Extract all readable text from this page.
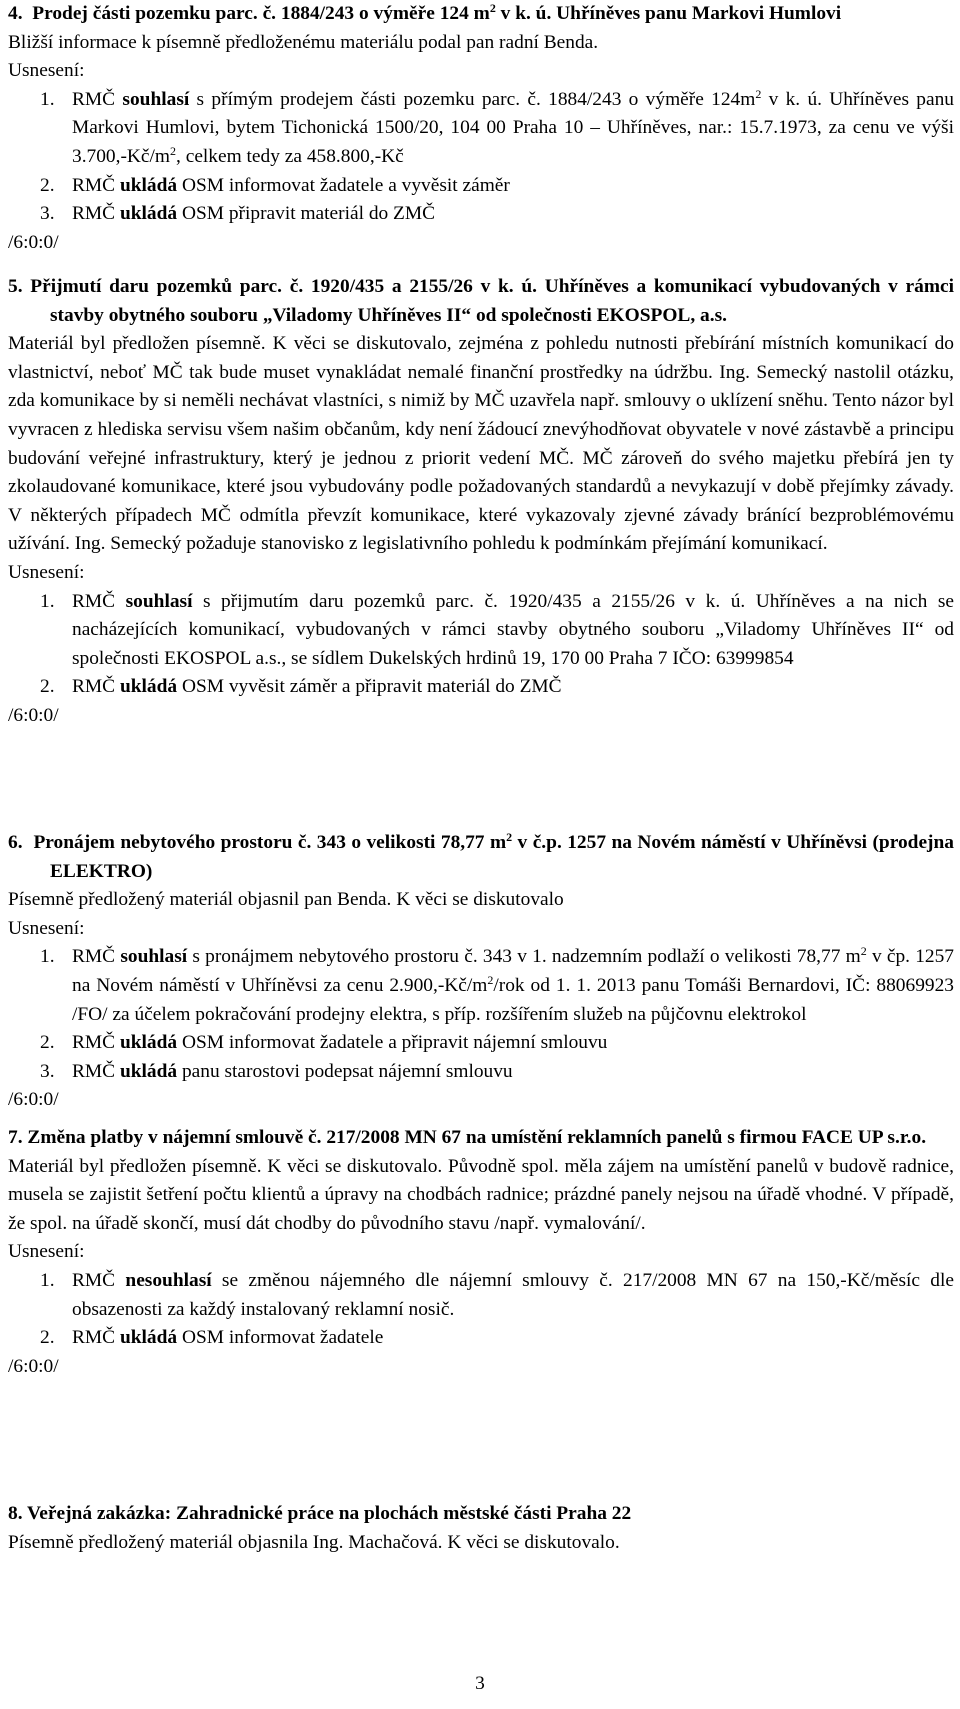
4.  Prodej části pozemku parc. č. 1884/243 o výměře 124 $m^2$ v k. ú. Uhříněves panu Markovi Humlovi

Bližší informace k písemně předloženému materiálu podal pan radní Benda.

Usnesení:

1. RMČ souhlasí s přímým prodejem části pozemku parc. č. 1884/243 o výměře $124m^2$ v k. ú. Uhříněves panu Markovi Humlovi, bytem Tichonická 1500/20, 104 00 Praha 10 – Uhříněves, nar.: 15.7.1973, za cenu ve výši $3.700,-Kč/m^2$, celkem tedy za 458.800,-Kč
2. RMČ ukládá OSM informovat žadatele a vyvěsit záměr
3. RMČ ukládá OSM připravit materiál do ZMČ

/6:0:0/

5. Přijmutí daru pozemků parc. č. 1920/435 a 2155/26 v k. ú. Uhříněves a komunikací vybudovaných v rámci stavby obytného souboru „Viladomy Uhříněves II“ od společnosti EKOSPOL, a.s.

Materiál byl předložen písemně. K věci se diskutovalo, zejména z pohledu nutnosti přebírání místních komunikací do vlastnictví, neboť MČ tak bude muset vynakládat nemalé finanční prostředky na údržbu. Ing. Semecký nastolil otázku, zda komunikace by si neměli nechávat vlastníci, s nimiž by MČ uzavřela např. smlouvy o uklízení sněhu. Tento názor byl vyvracen z hlediska servisu všem našim občanům, kdy není žádoucí znevýhodňovat obyvatele v nové zástavbě a principu budování veřejné infrastruktury, který je jednou z priorit vedení MČ. MČ zároveň do svého majetku přebírá jen ty zkolaudované komunikace, které jsou vybudovány podle požadovaných standardů a nevykazují v době přejímky závady. V některých případech MČ odmítla převzít komunikace, které vykazovaly zjevné závady bránící bezproblémovému užívání. Ing. Semecký požaduje stanovisko z legislativního pohledu k podmínkám přejímání komunikací.

Usnesení:

1. RMČ souhlasí s přijmutím daru pozemků parc. č. 1920/435 a 2155/26 v k. ú. Uhříněves a na nich se nacházejících komunikací, vybudovaných v rámci stavby obytného souboru „Viladomy Uhříněves II“ od společnosti EKOSPOL a.s., se sídlem Dukelských hrdinů 19, 170 00 Praha 7 IČO: 63999854
2. RMČ ukládá OSM vyvěsit záměr a připravit materiál do ZMČ

/6:0:0/

6.  Pronájem nebytového prostoru č. 343 o velikosti 78,77 $m^2$ v č.p. 1257 na Novém náměstí v Uhříněvsi (prodejna ELEKTRO)

Písemně předložený materiál objasnil pan Benda. K věci se diskutovalo

Usnesení:

1. RMČ souhlasí s pronájmem nebytového prostoru č. 343 v 1. nadzemním podlaží o velikosti 78,77 $m^2$ v čp. 1257 na Novém náměstí v Uhříněvsi za cenu $2.900,-Kč/m^2$/rok od 1. 1. 2013 panu Tomáši Bernardovi, IČ: 88069923 /FO/ za účelem pokračování prodejny elektra, s příp. rozšířením služeb na půjčovnu elektrokol
2. RMČ ukládá OSM informovat žadatele a připravit nájemní smlouvu
3. RMČ ukládá panu starostovi podepsat nájemní smlouvu

/6:0:0/

7. Změna platby v nájemní smlouvě č. 217/2008 MN 67 na umístění reklamních panelů s firmou FACE UP s.r.o.

Materiál byl předložen písemně. K věci se diskutovalo. Původně spol. měla zájem na umístění panelů v budově radnice, musela se zajistit šetření počtu klientů a úpravy na chodbách radnice; prázdné panely nejsou na úřadě vhodné. V případě, že spol. na úřadě skončí, musí dát chodby do původního stavu /např. vymalování/.

Usnesení:

1. RMČ nesouhlasí se změnou nájemného dle nájemní smlouvy č. 217/2008 MN 67 na 150,-Kč/měsíc dle obsazenosti za každý instalovaný reklamní nosič.
2. RMČ ukládá OSM informovat žadatele

/6:0:0/

8. Veřejná zakázka: Zahradnické práce na plochách městské části Praha 22

Písemně předložený materiál objasnila Ing. Machačová. K věci se diskutovalo.

3
